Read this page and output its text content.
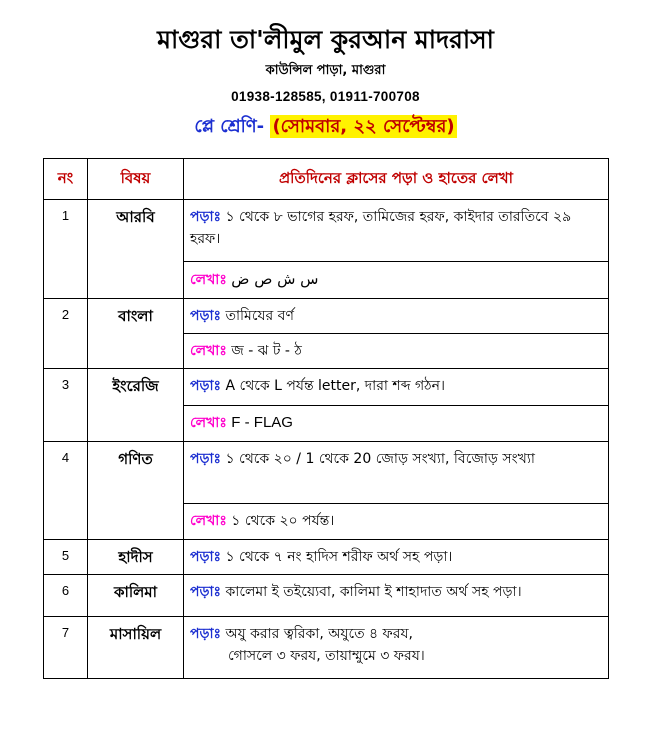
মাগুরা তা'লীমুল কুরআন মাদরাসা
কাউন্সিল পাড়া, মাগুরা
01938-128585, 01911-700708
প্লে শ্রেণি- (সোমবার, ২২ সেপ্টেম্বর)
নং	বিষয়	প্রতিদিনের ক্লাসের পড়া ও হাতের লেখা
1	আরবি	পড়াঃ ১ থেকে ৮ ভাগের হরফ, তামিজের হরফ, কাইদার তারতিবে ২৯ হরফ।
		লেখাঃ س ش ص ض
2	বাংলা	পড়াঃ তামিযের বর্ণ
		লেখাঃ জ - ঝ ট - ঠ
3	ইংরেজি	পড়াঃ A থেকে L পর্যন্ত letter, দারা শব্দ গঠন।
		লেখাঃ F - FLAG
4	গণিত	পড়াঃ ১ থেকে ২০ / 1 থেকে 20 জোড় সংখ্যা, বিজোড় সংখ্যা
		লেখাঃ ১ থেকে ২০ পর্যন্ত।
5	হাদীস	পড়াঃ ১ থেকে ৭ নং হাদিস শরীফ অর্থ সহ পড়া।
6	কালিমা	পড়াঃ কালেমা ই তইয়্যেবা, কালিমা ই শাহাদাত অর্থ সহ পড়া।
7	মাসায়িল	পড়াঃ অযু করার ত্বরিকা, অযুতে ৪ ফরয,
গোসলে ৩ ফরয, তায়াম্মুমে ৩ ফরয।
